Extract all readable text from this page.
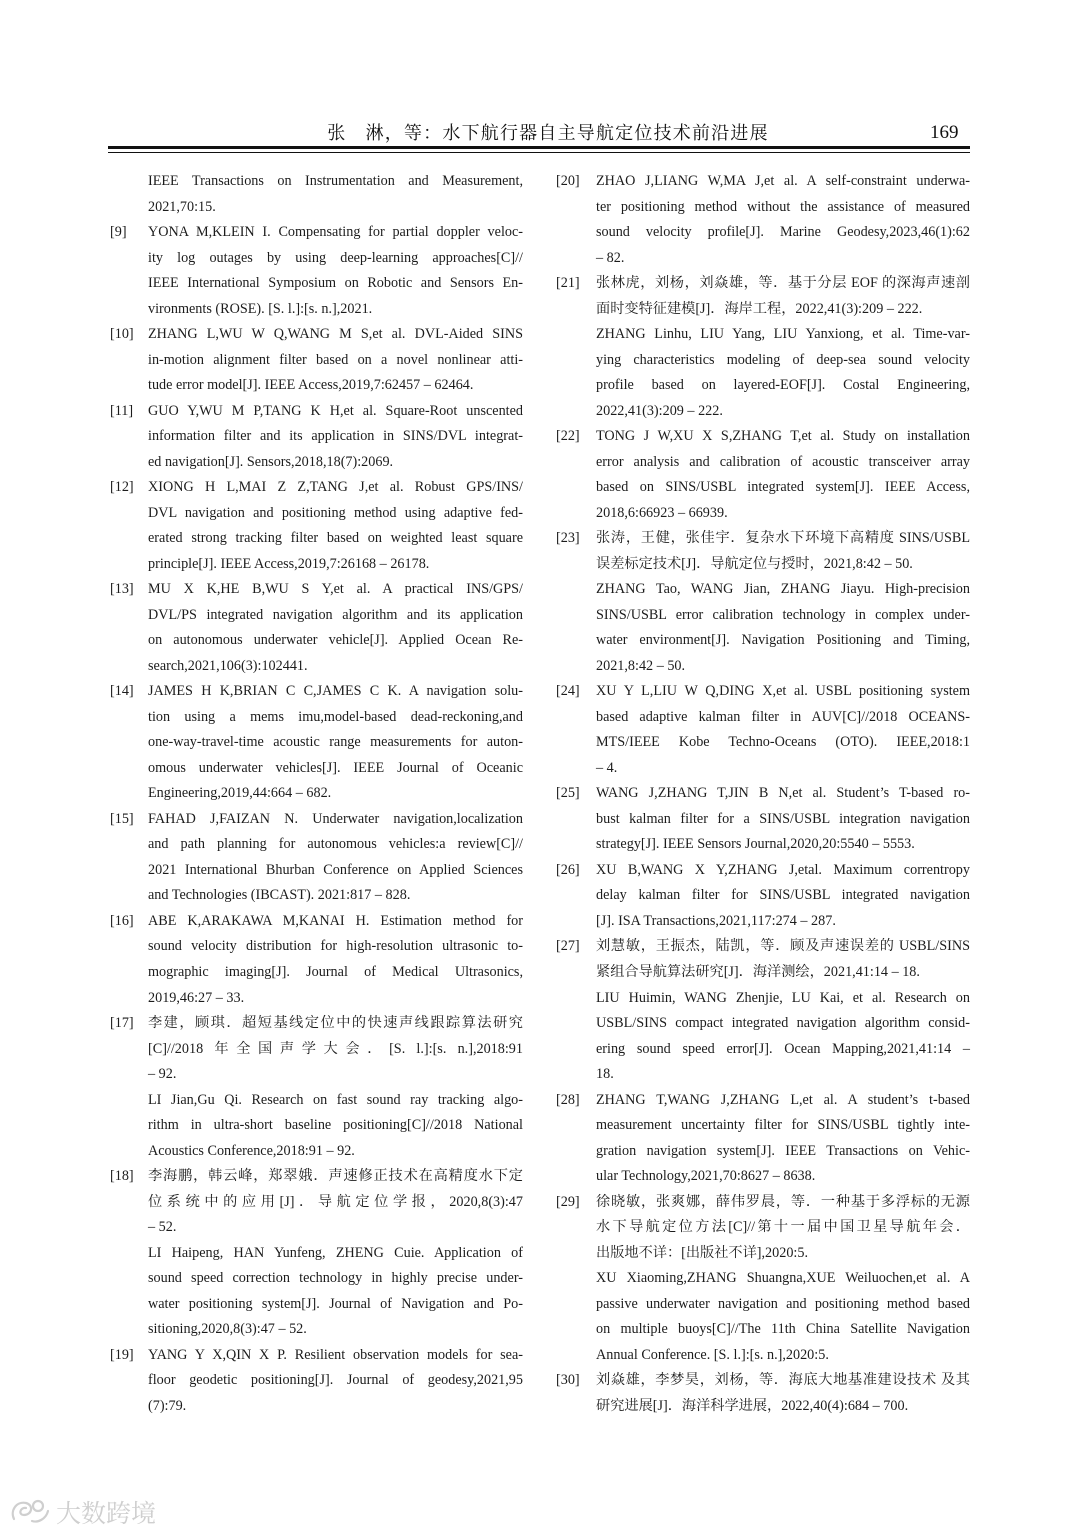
张　淋，等：水下航行器自主导航定位技术前沿进展	169
IEEE Transactions on Instrumentation and Measurement,
2021,70:15.
[9] YONA M,KLEIN I. Compensating for partial doppler veloc-
ity log outages by using deep-learning approaches[C]//
IEEE International Symposium on Robotic and Sensors En-
vironments (ROSE). [S. l.]:[s. n.],2021.
[10] ZHANG L,WU W Q,WANG M S,et al. DVL-Aided SINS
in-motion alignment filter based on a novel nonlinear atti-
tude error model[J]. IEEE Access,2019,7:62457 – 62464.
[11] GUO Y,WU M P,TANG K H,et al. Square-Root unscented
information filter and its application in SINS/DVL integrat-
ed navigation[J]. Sensors,2018,18(7):2069.
[12] XIONG H L,MAI Z Z,TANG J,et al. Robust GPS/INS/
DVL navigation and positioning method using adaptive fed-
erated strong tracking filter based on weighted least square
principle[J]. IEEE Access,2019,7:26168 – 26178.
[13] MU X K,HE B,WU S Y,et al. A practical INS/GPS/
DVL/PS integrated navigation algorithm and its application
on autonomous underwater vehicle[J]. Applied Ocean Re-
search,2021,106(3):102441.
[14] JAMES H K,BRIAN C C,JAMES C K. A navigation solu-
tion using a mems imu,model-based dead-reckoning,and
one-way-travel-time acoustic range measurements for auton-
omous underwater vehicles[J]. IEEE Journal of Oceanic
Engineering,2019,44:664 – 682.
[15] FAHAD J,FAIZAN N. Underwater navigation,localization
and path planning for autonomous vehicles:a review[C]//
2021 International Bhurban Conference on Applied Sciences
and Technologies (IBCAST). 2021:817 – 828.
[16] ABE K,ARAKAWA M,KANAI H. Estimation method for
sound velocity distribution for high-resolution ultrasonic to-
mographic imaging[J]. Journal of Medical Ultrasonics,
2019,46:27 – 33.
[17] 李建，顾琪．超短基线定位中的快速声线跟踪算法研究
[C]//2018 年全国声学大会．[S. l.]:[s. n.],2018:91
– 92.
LI Jian,Gu Qi. Research on fast sound ray tracking algo-
rithm in ultra-short baseline positioning[C]//2018 National
Acoustics Conference,2018:91 – 92.
[18] 李海鹏，韩云峰，郑翠娥．声速修正技术在高精度水下定
位系统中的应用[J]．导航定位学报，2020,8(3):47
– 52.
LI Haipeng, HAN Yunfeng, ZHENG Cuie. Application of
sound speed correction technology in highly precise under-
water positioning system[J]. Journal of Navigation and Po-
sitioning,2020,8(3):47 – 52.
[19] YANG Y X,QIN X P. Resilient observation models for sea-
floor geodetic positioning[J]. Journal of geodesy,2021,95
(7):79.
[20] ZHAO J,LIANG W,MA J,et al. A self-constraint underwa-
ter positioning method without the assistance of measured
sound velocity profile[J]. Marine Geodesy,2023,46(1):62
– 82.
[21] 张林虎，刘杨，刘焱雄，等．基于分层 EOF 的深海声速剖
面时变特征建模[J]．海岸工程，2022,41(3):209 – 222.
ZHANG Linhu, LIU Yang, LIU Yanxiong, et al. Time-var-
ying characteristics modeling of deep-sea sound velocity
profile based on layered-EOF[J]. Costal Engineering,
2022,41(3):209 – 222.
[22] TONG J W,XU X S,ZHANG T,et al. Study on installation
error analysis and calibration of acoustic transceiver array
based on SINS/USBL integrated system[J]. IEEE Access,
2018,6:66923 – 66939.
[23] 张涛，王健，张佳宇．复杂水下环境下高精度 SINS/USBL
误差标定技术[J]．导航定位与授时，2021,8:42 – 50.
ZHANG Tao, WANG Jian, ZHANG Jiayu. High-precision
SINS/USBL error calibration technology in complex under-
water environment[J]. Navigation Positioning and Timing,
2021,8:42 – 50.
[24] XU Y L,LIU W Q,DING X,et al. USBL positioning system
based adaptive kalman filter in AUV[C]//2018 OCEANS-
MTS/IEEE Kobe Techno-Oceans (OTO). IEEE,2018:1
– 4.
[25] WANG J,ZHANG T,JIN B N,et al. Student’s T-based ro-
bust kalman filter for a SINS/USBL integration navigation
strategy[J]. IEEE Sensors Journal,2020,20:5540 – 5553.
[26] XU B,WANG X Y,ZHANG J,etal. Maximum correntropy
delay kalman filter for SINS/USBL integrated navigation
[J]. ISA Transactions,2021,117:274 – 287.
[27] 刘慧敏，王振杰，陆凯，等．顾及声速误差的 USBL/SINS
紧组合导航算法研究[J]．海洋测绘，2021,41:14 – 18.
LIU Huimin, WANG Zhenjie, LU Kai, et al. Research on
USBL/SINS compact integrated navigation algorithm consid-
ering sound speed error[J]. Ocean Mapping,2021,41:14 –
18.
[28] ZHANG T,WANG J,ZHANG L,et al. A student’s t-based
measurement uncertainty filter for SINS/USBL tightly inte-
gration navigation system[J]. IEEE Transactions on Vehic-
ular Technology,2021,70:8627 – 8638.
[29] 徐晓敏，张爽娜，薛伟罗晨，等．一种基于多浮标的无源
水下导航定位方法[C]//第十一届中国卫星导航年会．
出版地不详：[出版社不详],2020:5.
XU Xiaoming,ZHANG Shuangna,XUE Weiluochen,et al. A
passive underwater navigation and positioning method based
on multiple buoys[C]//The 11th China Satellite Navigation
Annual Conference. [S. l.]:[s. n.],2020:5.
[30] 刘焱雄，李梦昊，刘杨，等．海底大地基准建设技术 及其
研究进展[J]．海洋科学进展，2022,40(4):684 – 700.
大数跨境
